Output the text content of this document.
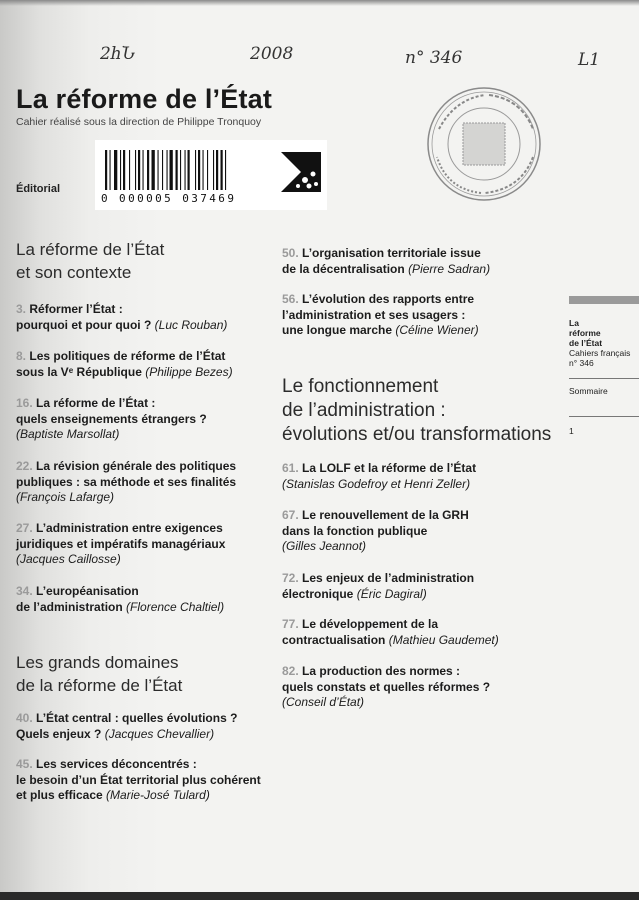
2հՆ	2008	n° 346	L1
La réforme de l’État
Cahier réalisé sous la direction de Philippe Tronquoy
Éditorial
0 000005 037469
La réforme de l’État
et son contexte
3. Réformer l’État :
pourquoi et pour quoi ? (Luc Rouban)
8. Les politiques de réforme de l’État
sous la Vᵉ République (Philippe Bezes)
16. La réforme de l’État :
quels enseignements étrangers ?
(Baptiste Marsollat)
22. La révision générale des politiques
publiques : sa méthode et ses finalités
(François Lafarge)
27. L’administration entre exigences
juridiques et impératifs managériaux
(Jacques Caillosse)
34. L’européanisation
de l’administration (Florence Chaltiel)
Les grands domaines
de la réforme de l’État
40. L’État central : quelles évolutions ?
Quels enjeux ? (Jacques Chevallier)
45. Les services déconcentrés :
le besoin d’un État territorial plus cohérent
et plus efficace (Marie-José Tulard)
50. L’organisation territoriale issue
de la décentralisation (Pierre Sadran)
56. L’évolution des rapports entre
l’administration et ses usagers :
une longue marche (Céline Wiener)
Le fonctionnement
de l’administration :
évolutions et/ou transformations
61. La LOLF et la réforme de l’État
(Stanislas Godefroy et Henri Zeller)
67. Le renouvellement de la GRH
dans la fonction publique
(Gilles Jeannot)
72. Les enjeux de l’administration
électronique (Éric Dagiral)
77. Le développement de la
contractualisation (Mathieu Gaudemet)
82. La production des normes :
quels constats et quelles réformes ?
(Conseil d’État)
La
réforme
de l’État
Cahiers français
n° 346
Sommaire
1
